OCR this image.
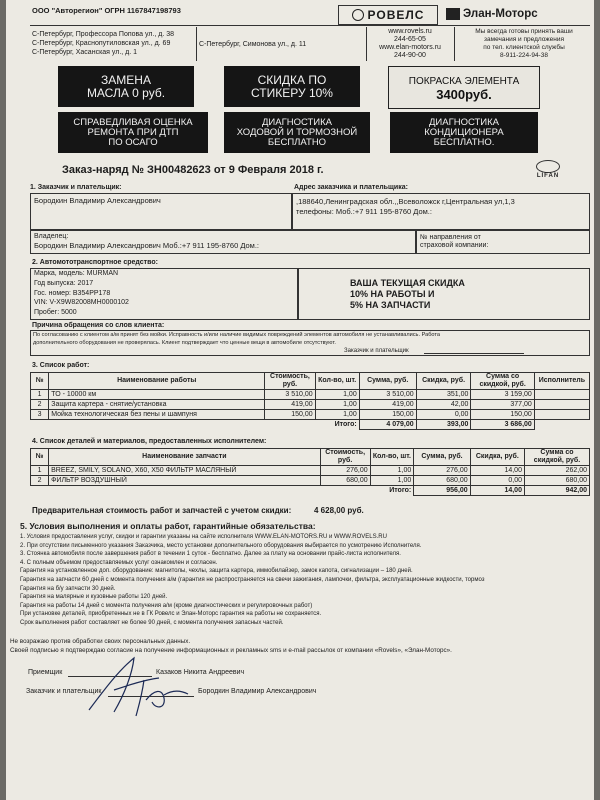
ООО "Авторегион" ОГРН 1167847198793	РОВЕЛС	Элан-Моторс
С-Петербург, Профессора Попова ул., д. 38
С-Петербург, Краснопутиловская ул., д. 69
С-Петербург, Хасанская ул., д. 1
С-Петербург, Симонова ул., д. 11
www.rovels.ru
244-65-05
www.elan-motors.ru
244-90-00
Мы всегда готовы принять ваши
замечания и предложения
по тел. клиентской службы
8-911-224-94-38
ЗАМЕНА
МАСЛА 0 руб.
СКИДКА ПО
СТИКЕРУ 10%
ПОКРАСКА ЭЛЕМЕНТА
3400руб.
СПРАВЕДЛИВАЯ ОЦЕНКА
РЕМОНТА ПРИ ДТП
ПО ОСАГО
ДИАГНОСТИКА
ХОДОВОЙ И ТОРМОЗНОЙ
БЕСПЛАТНО
ДИАГНОСТИКА
КОНДИЦИОНЕРА
БЕСПЛАТНО.
Заказ-наряд № ЗН00482623 от 9 Февраля 2018 г.	LIFAN
1. Заказчик и плательщик:	Адрес заказчика и плательщика:
Бородкин Владимир Александрович	,188640,Ленинградская обл.,,Всеволожск г,Центральная ул,1,3
телефоны: Моб.:+7 911 195-8760 Дом.:
Владелец:
Бородкин Владимир Александрович Моб.:+7 911 195-8760 Дом.:
№ направления от
страховой компании:
2. Автомототранспортное средство:
Марка, модель: MURMAN
Год выпуска: 2017
Гос. номер: В354РР178
VIN: V-X9W82008MH0000102
Пробег: 5000
ВАША ТЕКУЩАЯ СКИДКА
10% НА РАБОТЫ И
5% НА ЗАПЧАСТИ
Причина обращения со слов клиента:
По согласованию с клиентом а/м принят без мойки. Исправность и/или наличие видимых повреждений элементов автомобиля не устанавливались. Работа
дополнительного оборудования не проверялась. Клиент подтверждает что ценные вещи в автомобиле отсутствуют.
Заказчик и плательщик
3. Список работ:
№	Наименование работы	Стоимость, руб.	Кол-во, шт.	Сумма, руб.	Скидка, руб.	Сумма со скидкой, руб.	Исполнитель
1	ТО - 10000 км	3 510,00	1,00	3 510,00	351,00	3 159,00	
2	Защита картера - снятие/установка	419,00	1,00	419,00	42,00	377,00	
3	Мойка технологическая без пены и шампуня	150,00	1,00	150,00	0,00	150,00	
	Итого:			4 079,00	393,00	3 686,00	
4. Список деталей и материалов, предоставленных исполнителем:
№	Наименование запчасти	Стоимость, руб.	Кол-во, шт.	Сумма, руб.	Скидка, руб.	Сумма со скидкой, руб.
1	BREEZ, SMILY, SOLANO, X60, X50 ФИЛЬТР МАСЛЯНЫЙ	276,00	1,00	276,00	14,00	262,00
2	ФИЛЬТР ВОЗДУШНЫЙ	680,00	1,00	680,00	0,00	680,00
	Итого:			956,00	14,00	942,00
Предварительная стоимость работ и запчастей с учетом скидки:	4 628,00 руб.
5. Условия выполнения и оплаты работ, гарантийные обязательства:
1. Условия предоставления услуг, скидки и гарантии указаны на сайте исполнителя WWW.ELAN-MOTORS.RU и WWW.ROVELS.RU
2. При отсутствии письменного указания Заказчика, место установки дополнительного оборудования выбирается по усмотрению Исполнителя.
3. Стоянка автомобиля после завершения работ в течении 1 суток - бесплатно. Далее за плату на основании прайс-листа исполнителя.
4. С полным объемом предоставляемых услуг ознакомлен и согласен.
Гарантия на установленное доп. оборудование: магнитолы, чехлы, защита картера, иммобилайзер, замок капота, сигнализации – 180 дней.
Гарантия на запчасти 60 дней с момента получения а/м (гарантия не распространяется на свечи зажигания, лампочки, фильтра, эксплуатационные жидкости, тормоз
Гарантия на б/у запчасти 30 дней.
Гарантия на малярные и кузовные работы 120 дней.
Гарантия на работы 14 дней с момента получения а/м (кроме диагностических и регулировочных работ)
При установке деталей, приобретенных не в ГК Ровелс и Элан-Моторс гарантия на работы не сохраняется.
Срок выполнения работ составляет не более 90 дней, с момента получения запасных частей.
Не возражаю против обработки своих персональных данных.
Своей подписью я подтверждаю согласие на получение информационных и рекламных sms и e-mail рассылок от компании «Rovels», «Элан-Моторс».
Приемщик	Казаков Никита Андреевич
Заказчик и плательщик	Бородкин Владимир Александрович
